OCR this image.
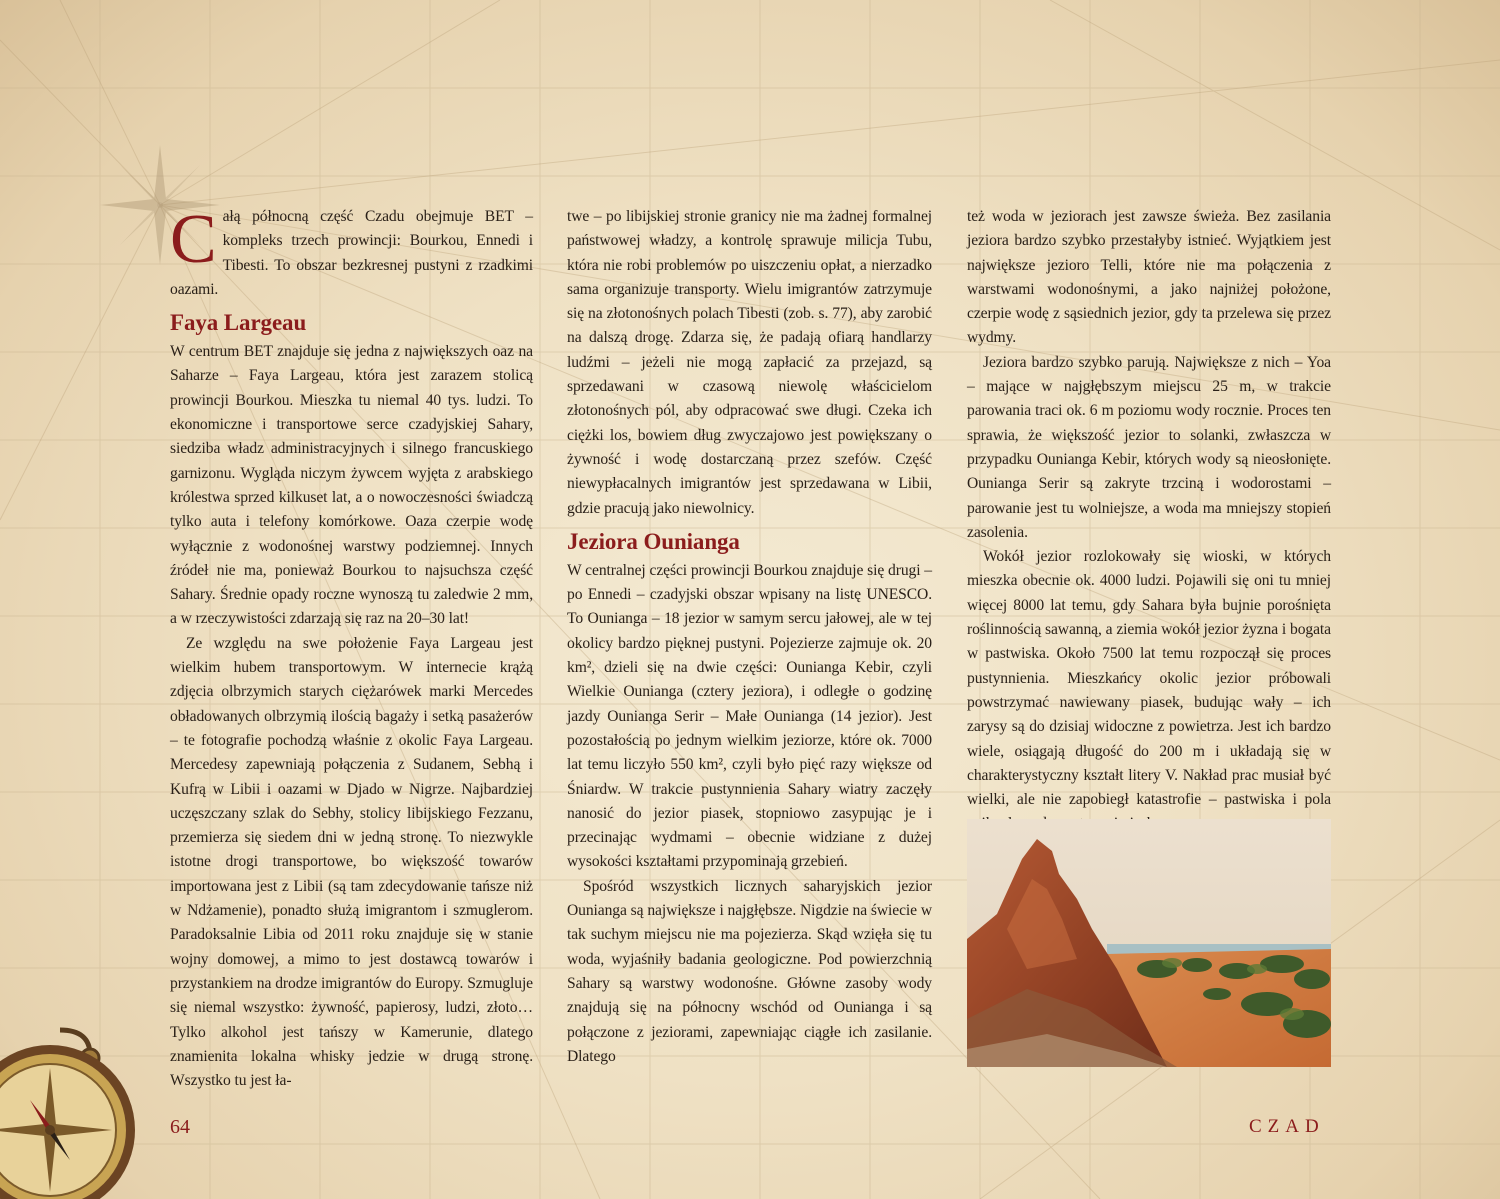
Całą północną część Czadu obejmuje BET – kompleks trzech prowincji: Bourkou, Ennedi i Tibesti. To obszar bezkresnej pustyni z rzadkimi oazami.

Faya Largeau

W centrum BET znajduje się jedna z największych oaz na Saharze – Faya Largeau, która jest zarazem stolicą prowincji Bourkou. Mieszka tu niemal 40 tys. ludzi. To ekonomiczne i transportowe serce czadyjskiej Sahary, siedziba władz administracyjnych i silnego francuskiego garnizonu. Wygląda niczym żywcem wyjęta z arabskiego królestwa sprzed kilkuset lat, a o nowoczesności świadczą tylko auta i telefony komórkowe. Oaza czerpie wodę wyłącznie z wodonośnej warstwy podziemnej. Innych źródeł nie ma, ponieważ Bourkou to najsuchsza część Sahary. Średnie opady roczne wynoszą tu zaledwie 2 mm, a w rzeczywistości zdarzają się raz na 20–30 lat!

Ze względu na swe położenie Faya Largeau jest wielkim hubem transportowym. W internecie krążą zdjęcia olbrzymich starych ciężarówek marki Mercedes obładowanych olbrzymią ilością bagaży i setką pasażerów – te fotografie pochodzą właśnie z okolic Faya Largeau. Mercedesy zapewniają połączenia z Sudanem, Sebhą i Kufrą w Libii i oazami w Djado w Nigrze. Najbardziej uczęszczany szlak do Sebhy, stolicy libijskiego Fezzanu, przemierza się siedem dni w jedną stronę. To niezwykle istotne drogi transportowe, bo większość towarów importowana jest z Libii (są tam zdecydowanie tańsze niż w Ndżamenie), ponadto służą imigrantom i szmuglerom. Paradoksalnie Libia od 2011 roku znajduje się w stanie wojny domowej, a mimo to jest dostawcą towarów i przystankiem na drodze imigrantów do Europy. Szmugluje się niemal wszystko: żywność, papierosy, ludzi, złoto… Tylko alkohol jest tańszy w Kamerunie, dlatego znamienita lokalna whisky jedzie w drugą stronę. Wszystko tu jest ła-

twe – po libijskiej stronie granicy nie ma żadnej formalnej państwowej władzy, a kontrolę sprawuje milicja Tubu, która nie robi problemów po uiszczeniu opłat, a nierzadko sama organizuje transporty. Wielu imigrantów zatrzymuje się na złotonośnych polach Tibesti (zob. s. 77), aby zarobić na dalszą drogę. Zdarza się, że padają ofiarą handlarzy ludźmi – jeżeli nie mogą zapłacić za przejazd, są sprzedawani w czasową niewolę właścicielom złotonośnych pól, aby odpracować swe długi. Czeka ich ciężki los, bowiem dług zwyczajowo jest powiększany o żywność i wodę dostarczaną przez szefów. Część niewypłacalnych imigrantów jest sprzedawana w Libii, gdzie pracują jako niewolnicy.

Jeziora Ounianga

W centralnej części prowincji Bourkou znajduje się drugi – po Ennedi – czadyjski obszar wpisany na listę UNESCO. To Ounianga – 18 jezior w samym sercu jałowej, ale w tej okolicy bardzo pięknej pustyni. Pojezierze zajmuje ok. 20 km², dzieli się na dwie części: Ounianga Kebir, czyli Wielkie Ounianga (cztery jeziora), i odległe o godzinę jazdy Ounianga Serir – Małe Ounianga (14 jezior). Jest pozostałością po jednym wielkim jeziorze, które ok. 7000 lat temu liczyło 550 km², czyli było pięć razy większe od Śniardw. W trakcie pustynnienia Sahary wiatry zaczęły nanosić do jezior piasek, stopniowo zasypując je i przecinając wydmami – obecnie widziane z dużej wysokości kształtami przypominają grzebień.

Spośród wszystkich licznych saharyjskich jezior Ounianga są największe i najgłębsze. Nigdzie na świecie w tak suchym miejscu nie ma pojezierza. Skąd wzięła się tu woda, wyjaśniły badania geologiczne. Pod powierzchnią Sahary są warstwy wodonośne. Główne zasoby wody znajdują się na północny wschód od Ounianga i są połączone z jeziorami, zapewniając ciągłe ich zasilanie. Dlatego

też woda w jeziorach jest zawsze świeża. Bez zasilania jeziora bardzo szybko przestałyby istnieć. Wyjątkiem jest największe jezioro Telli, które nie ma połączenia z warstwami wodonośnymi, a jako najniżej położone, czerpie wodę z sąsiednich jezior, gdy ta przelewa się przez wydmy.

Jeziora bardzo szybko parują. Największe z nich – Yoa – mające w najgłębszym miejscu 25 m, w trakcie parowania traci ok. 6 m poziomu wody rocznie. Proces ten sprawia, że większość jezior to solanki, zwłaszcza w przypadku Ounianga Kebir, których wody są nieosłonięte. Ounianga Serir są zakryte trzciną i wodorostami – parowanie jest tu wolniejsze, a woda ma mniejszy stopień zasolenia.

Wokół jezior rozlokowały się wioski, w których mieszka obecnie ok. 4000 ludzi. Pojawili się oni tu mniej więcej 8000 lat temu, gdy Sahara była bujnie porośnięta roślinnością sawanną, a ziemia wokół jezior żyzna i bogata w pastwiska. Około 7500 lat temu rozpoczął się proces pustynnienia. Mieszkańcy okolic jezior próbowali powstrzymać nawiewany piasek, budując wały – ich zarysy są do dzisiaj widoczne z powietrza. Jest ich bardzo wiele, osiągają długość do 200 m i układają się w charakterystyczny kształt litery V. Nakład prac musiał być wielki, ale nie zapobiegł katastrofie – pastwiska i pola

64	CZAD
